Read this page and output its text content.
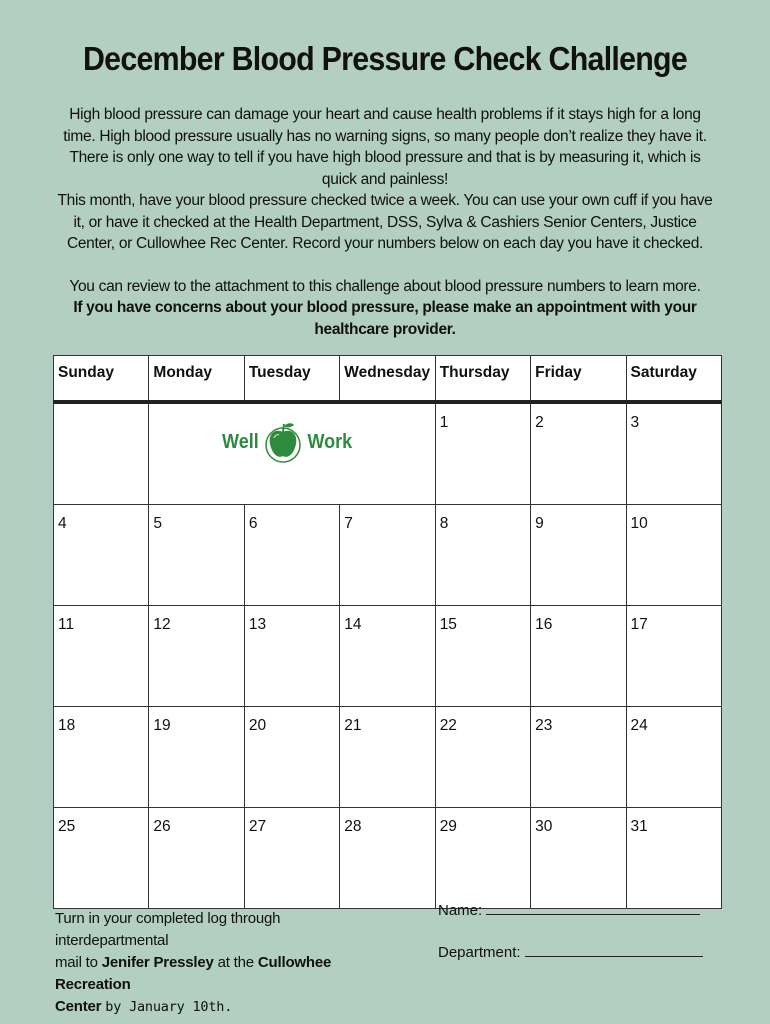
December Blood Pressure Check Challenge
High blood pressure can damage your heart and cause health problems if it stays high for a long time. High blood pressure usually has no warning signs, so many people don’t realize they have it. There is only one way to tell if you have high blood pressure and that is by measuring it, which is quick and painless!
This month, have your blood pressure checked twice a week. You can use your own cuff if you have it, or have it checked at the Health Department, DSS, Sylva & Cashiers Senior Centers, Justice Center, or Cullowhee Rec Center. Record your numbers below on each day you have it checked.
You can review to the attachment to this challenge about blood pressure numbers to learn more.
If you have concerns about your blood pressure, please make an appointment with your healthcare provider.
Sunday	Monday	Tuesday	Wednesday	Thursday	Friday	Saturday

	Well Work			1	2	3
4	5	6	7	8	9	10
11	12	13	14	15	16	17
18	19	20	21	22	23	24
25	26	27	28	29	30	31
Turn in your completed log through interdepartmental
mail to Jenifer Pressley at the Cullowhee Recreation
Center by January 10th.
Name:
Department:
